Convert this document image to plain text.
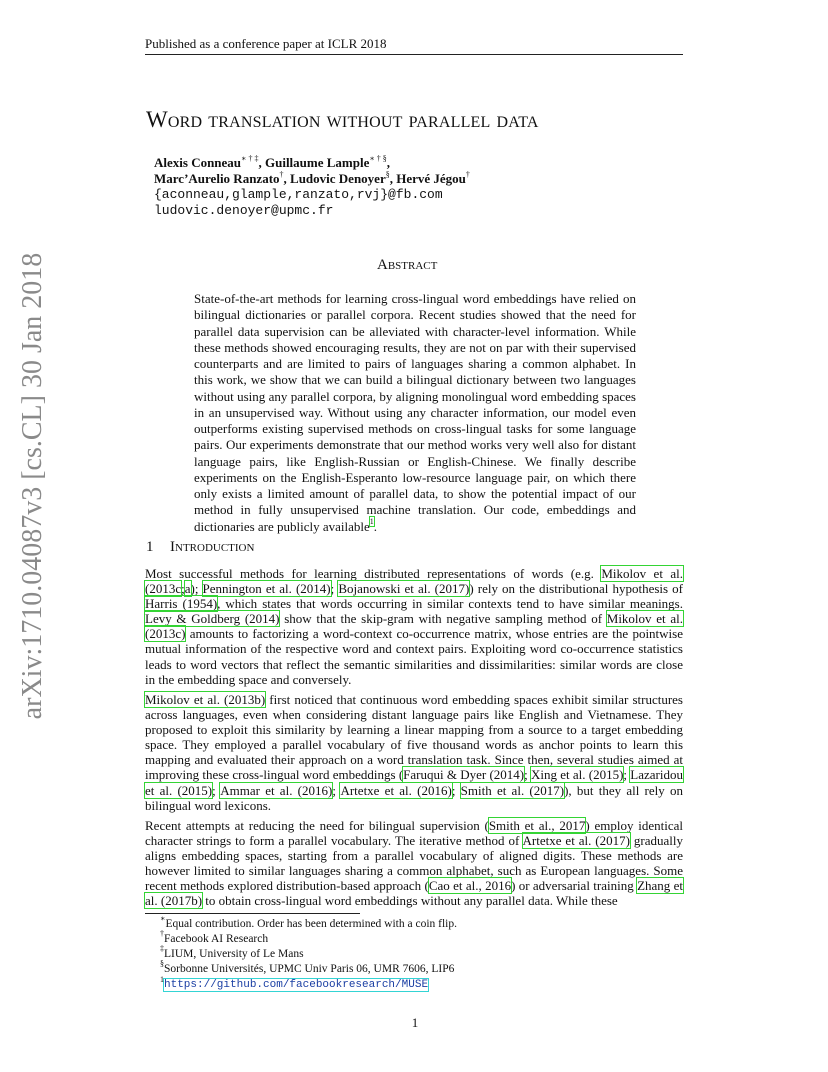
Published as a conference paper at ICLR 2018
arXiv:1710.04087v3 [cs.CL] 30 Jan 2018
Word translation without parallel data
Alexis Conneau∗ † ‡, Guillaume Lample∗ † §,
Marc’Aurelio Ranzato†, Ludovic Denoyer§, Hervé Jégou†
{aconneau,glample,ranzato,rvj}@fb.com
ludovic.denoyer@upmc.fr
Abstract
State-of-the-art methods for learning cross-lingual word embeddings have relied on bilingual dictionaries or parallel corpora. Recent studies showed that the need for parallel data supervision can be alleviated with character-level information. While these methods showed encouraging results, they are not on par with their supervised counterparts and are limited to pairs of languages sharing a common alphabet. In this work, we show that we can build a bilingual dictionary between two languages without using any parallel corpora, by aligning monolingual word embedding spaces in an unsupervised way. Without using any character information, our model even outperforms existing supervised methods on cross-lingual tasks for some language pairs. Our experiments demonstrate that our method works very well also for distant language pairs, like English-Russian or English-Chinese. We finally describe experiments on the English-Esperanto low-resource language pair, on which there only exists a limited amount of parallel data, to show the potential impact of our method in fully unsupervised machine translation. Our code, embeddings and dictionaries are publicly available$^1$.
1 Introduction
Most successful methods for learning distributed representations of words (e.g. Mikolov et al. (2013c;a); Pennington et al. (2014); Bojanowski et al. (2017)) rely on the distributional hypothesis of Harris (1954), which states that words occurring in similar contexts tend to have similar meanings. Levy & Goldberg (2014) show that the skip-gram with negative sampling method of Mikolov et al. (2013c) amounts to factorizing a word-context co-occurrence matrix, whose entries are the pointwise mutual information of the respective word and context pairs. Exploiting word co-occurrence statistics leads to word vectors that reflect the semantic similarities and dissimilarities: similar words are close in the embedding space and conversely.
Mikolov et al. (2013b) first noticed that continuous word embedding spaces exhibit similar structures across languages, even when considering distant language pairs like English and Vietnamese. They proposed to exploit this similarity by learning a linear mapping from a source to a target embedding space. They employed a parallel vocabulary of five thousand words as anchor points to learn this mapping and evaluated their approach on a word translation task. Since then, several studies aimed at improving these cross-lingual word embeddings (Faruqui & Dyer (2014); Xing et al. (2015); Lazaridou et al. (2015); Ammar et al. (2016); Artetxe et al. (2016); Smith et al. (2017)), but they all rely on bilingual word lexicons.
Recent attempts at reducing the need for bilingual supervision (Smith et al., 2017) employ identical character strings to form a parallel vocabulary. The iterative method of Artetxe et al. (2017) gradually aligns embedding spaces, starting from a parallel vocabulary of aligned digits. These methods are however limited to similar languages sharing a common alphabet, such as European languages. Some recent methods explored distribution-based approach (Cao et al., 2016) or adversarial training Zhang et al. (2017b) to obtain cross-lingual word embeddings without any parallel data. While these
∗Equal contribution. Order has been determined with a coin flip.
†Facebook AI Research
‡LIUM, University of Le Mans
§Sorbonne Universités, UPMC Univ Paris 06, UMR 7606, LIP6
$^1$https://github.com/facebookresearch/MUSE
1
